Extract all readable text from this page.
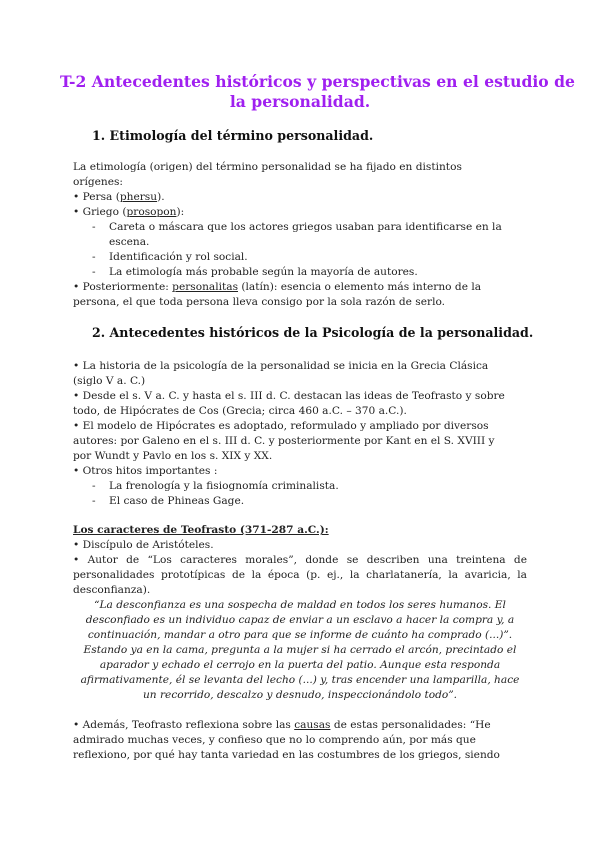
T-2 Antecedentes históricos y perspectivas en el estudio de
la personalidad.
1. Etimología del término personalidad.
La etimología (origen) del término personalidad se ha fijado en distintos
orígenes:
• Persa (phersu).
• Griego (prosopon):
- Careta o máscara que los actores griegos usaban para identificarse en la
escena.
- Identificación y rol social.
- La etimología más probable según la mayoría de autores.
• Posteriormente: personalitas (latín): esencia o elemento más interno de la
persona, el que toda persona lleva consigo por la sola razón de serlo.
2. Antecedentes históricos de la Psicología de la personalidad.
• La historia de la psicología de la personalidad se inicia en la Grecia Clásica
(siglo V a. C.)
• Desde el s. V a. C. y hasta el s. III d. C. destacan las ideas de Teofrasto y sobre
todo, de Hipócrates de Cos (Grecia; circa 460 a.C. – 370 a.C.).
• El modelo de Hipócrates es adoptado, reformulado y ampliado por diversos
autores: por Galeno en el s. III d. C. y posteriormente por Kant en el S. XVIII y
por Wundt y Pavlo en los s. XIX y XX.
• Otros hitos importantes :
- La frenología y la fisiognomía criminalista.
- El caso de Phineas Gage.
Los caracteres de Teofrasto (371-287 a.C.):
• Discípulo de Aristóteles.
• Autor de “Los caracteres morales”, donde se describen una treintena de
personalidades prototípicas de la época (p. ej., la charlatanería, la avaricia, la
desconfianza).
“La desconfianza es una sospecha de maldad en todos los seres humanos. El
desconfiado es un individuo capaz de enviar a un esclavo a hacer la compra y, a
continuación, mandar a otro para que se informe de cuánto ha comprado (...)”.
Estando ya en la cama, pregunta a la mujer si ha cerrado el arcón, precintado el
aparador y echado el cerrojo en la puerta del patio. Aunque esta responda
afirmativamente, él se levanta del lecho (...) y, tras encender una lamparilla, hace
un recorrido, descalzo y desnudo, inspeccionándolo todo”.
• Además, Teofrasto reflexiona sobre las causas de estas personalidades: “He
admirado muchas veces, y confieso que no lo comprendo aún, por más que
reflexiono, por qué hay tanta variedad en las costumbres de los griegos, siendo
